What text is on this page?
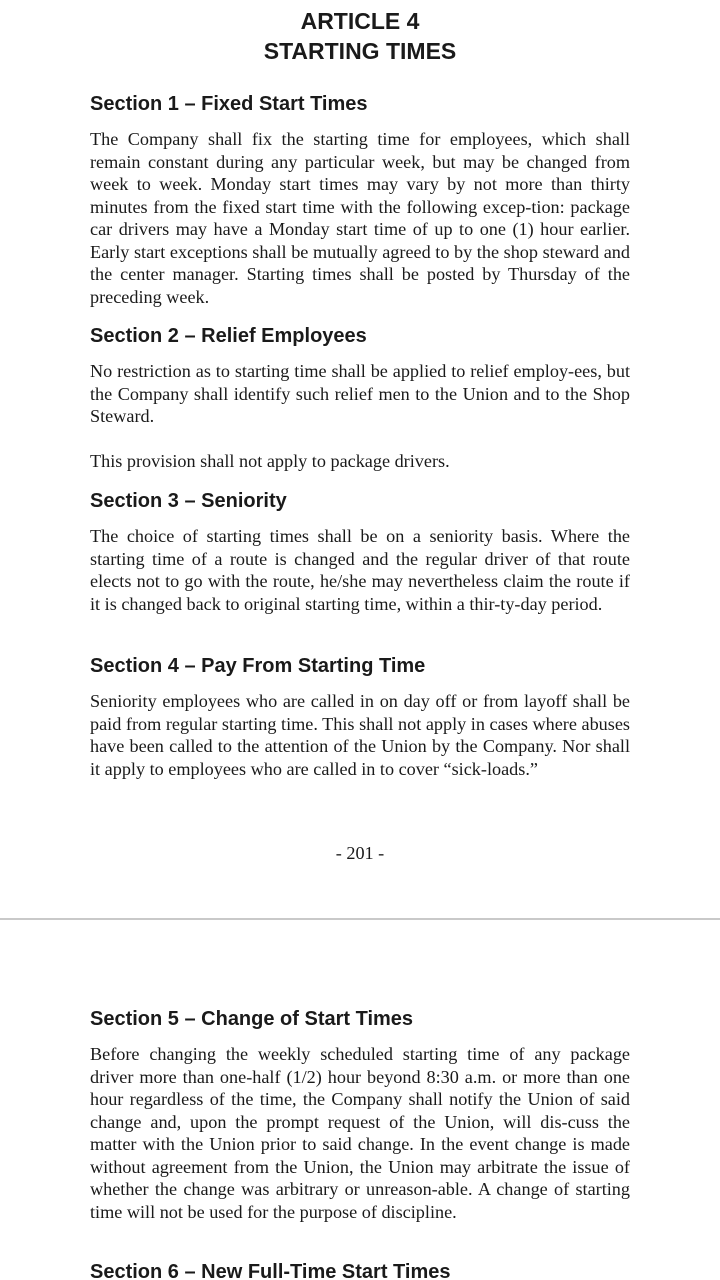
ARTICLE 4
STARTING TIMES
Section 1 – Fixed Start Times

The Company shall fix the starting time for employees, which shall remain constant during any particular week, but may be changed from week to week. Monday start times may vary by not more than thirty minutes from the fixed start time with the following excep-tion: package car drivers may have a Monday start time of up to one (1) hour earlier. Early start exceptions shall be mutually agreed to by the shop steward and the center manager. Starting times shall be posted by Thursday of the preceding week.

Section 2 – Relief Employees

No restriction as to starting time shall be applied to relief employ-ees, but the Company shall identify such relief men to the Union and to the Shop Steward.

This provision shall not apply to package drivers.

Section 3 – Seniority

The choice of starting times shall be on a seniority basis. Where the starting time of a route is changed and the regular driver of that route elects not to go with the route, he/she may nevertheless claim the route if it is changed back to original starting time, within a thir-ty-day period.

Section 4 – Pay From Starting Time

Seniority employees who are called in on day off or from layoff shall be paid from regular starting time. This shall not apply in cases where abuses have been called to the attention of the Union by the Company. Nor shall it apply to employees who are called in to cover “sick-loads.”

- 201 -
Section 5 – Change of Start Times

Before changing the weekly scheduled starting time of any package driver more than one-half (1/2) hour beyond 8:30 a.m. or more than one hour regardless of the time, the Company shall notify the Union of said change and, upon the prompt request of the Union, will dis-cuss the matter with the Union prior to said change. In the event change is made without agreement from the Union, the Union may arbitrate the issue of whether the change was arbitrary or unreason-able. A change of starting time will not be used for the purpose of discipline.

Section 6 – New Full-Time Start Times
